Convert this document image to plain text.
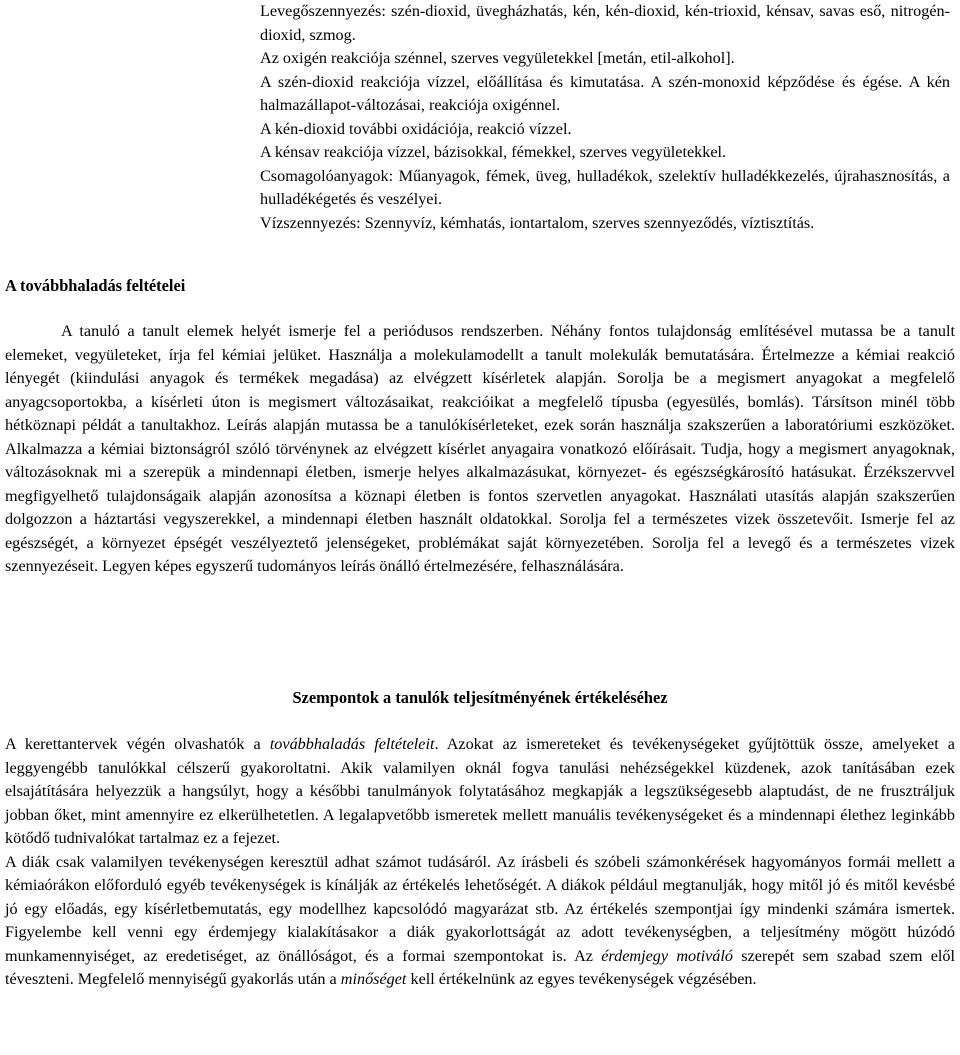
Levegőszennyezés: szén-dioxid, üvegházhatás, kén, kén-dioxid, kén-trioxid, kénsav, savas eső, nitrogén-dioxid, szmog.

Az oxigén reakciója szénnel, szerves vegyületekkel [metán, etil-alkohol].

A szén-dioxid reakciója vízzel, előállítása és kimutatása. A szén-monoxid képződése és égése. A kén halmazállapot-változásai, reakciója oxigénnel.

A kén-dioxid további oxidációja, reakció vízzel.

A kénsav reakciója vízzel, bázisokkal, fémekkel, szerves vegyületekkel.

Csomagolóanyagok: Műanyagok, fémek, üveg, hulladékok, szelektív hulladékkezelés, újrahasznosítás, a hulladékégetés és veszélyei.

Vízszennyezés: Szennyvíz, kémhatás, iontartalom, szerves szennyeződés, víztisztítás.

A továbbhaladás feltételei

A tanuló a tanult elemek helyét ismerje fel a periódusos rendszerben. Néhány fontos tulajdonság említésével mutassa be a tanult elemeket, vegyületeket, írja fel kémiai jelüket. Használja a molekulamodellt a tanult molekulák bemutatására. Értelmezze a kémiai reakció lényegét (kiindulási anyagok és termékek megadása) az elvégzett kísérletek alapján. Sorolja be a megismert anyagokat a megfelelő anyagcsoportokba, a kísérleti úton is megismert változásaikat, reakcióikat a megfelelő típusba (egyesülés, bomlás). Társítson minél több hétköznapi példát a tanultakhoz. Leírás alapján mutassa be a tanulókísérleteket, ezek során használja szakszerűen a laboratóriumi eszközöket. Alkalmazza a kémiai biztonságról szóló törvénynek az elvégzett kísérlet anyagaira vonatkozó előírásait. Tudja, hogy a megismert anyagoknak, változásoknak mi a szerepük a mindennapi életben, ismerje helyes alkalmazásukat, környezet- és egészségkárosító hatásukat. Érzékszervvel megfigyelhető tulajdonságaik alapján azonosítsa a köznapi életben is fontos szervetlen anyagokat. Használati utasítás alapján szakszerűen dolgozzon a háztartási vegyszerekkel, a mindennapi életben használt oldatokkal. Sorolja fel a természetes vizek összetevőit. Ismerje fel az egészségét, a környezet épségét veszélyeztető jelenségeket, problémákat saját környezetében. Sorolja fel a levegő és a természetes vizek szennyezéseit. Legyen képes egyszerű tudományos leírás önálló értelmezésére, felhasználására.

Szempontok a tanulók teljesítményének értékeléséhez

A kerettantervek végén olvashatók a továbbhaladás feltételeit. Azokat az ismereteket és tevékenységeket gyűjtöttük össze, amelyeket a leggyengébb tanulókkal célszerű gyakoroltatni. Akik valamilyen oknál fogva tanulási nehézségekkel küzdenek, azok tanításában ezek elsajátítására helyezzük a hangsúlyt, hogy a későbbi tanulmányok folytatásához megkapják a legszükségesebb alaptudást, de ne frusztráljuk jobban őket, mint amennyire ez elkerülhetetlen. A legalapvetőbb ismeretek mellett manuális tevékenységeket és a mindennapi élethez leginkább kötődő tudnivalókat tartalmaz ez a fejezet.

A diák csak valamilyen tevékenységen keresztül adhat számot tudásáról. Az írásbeli és szóbeli számonkérések hagyományos formái mellett a kémiaórákon előforduló egyéb tevékenységek is kínálják az értékelés lehetőségét. A diákok például megtanulják, hogy mitől jó és mitől kevésbé jó egy előadás, egy kísérletbemutatás, egy modellhez kapcsolódó magyarázat stb. Az értékelés szempontjai így mindenki számára ismertek. Figyelembe kell venni egy érdemjegy kialakításakor a diák gyakorlottságát az adott tevékenységben, a teljesítmény mögött húzódó munkamennyiséget, az eredetiséget, az önállóságot, és a formai szempontokat is. Az érdemjegy motiváló szerepét sem szabad szem elől téveszteni. Megfelelő mennyiségű gyakorlás után a minőséget kell értékelnünk az egyes tevékenységek végzésében.
